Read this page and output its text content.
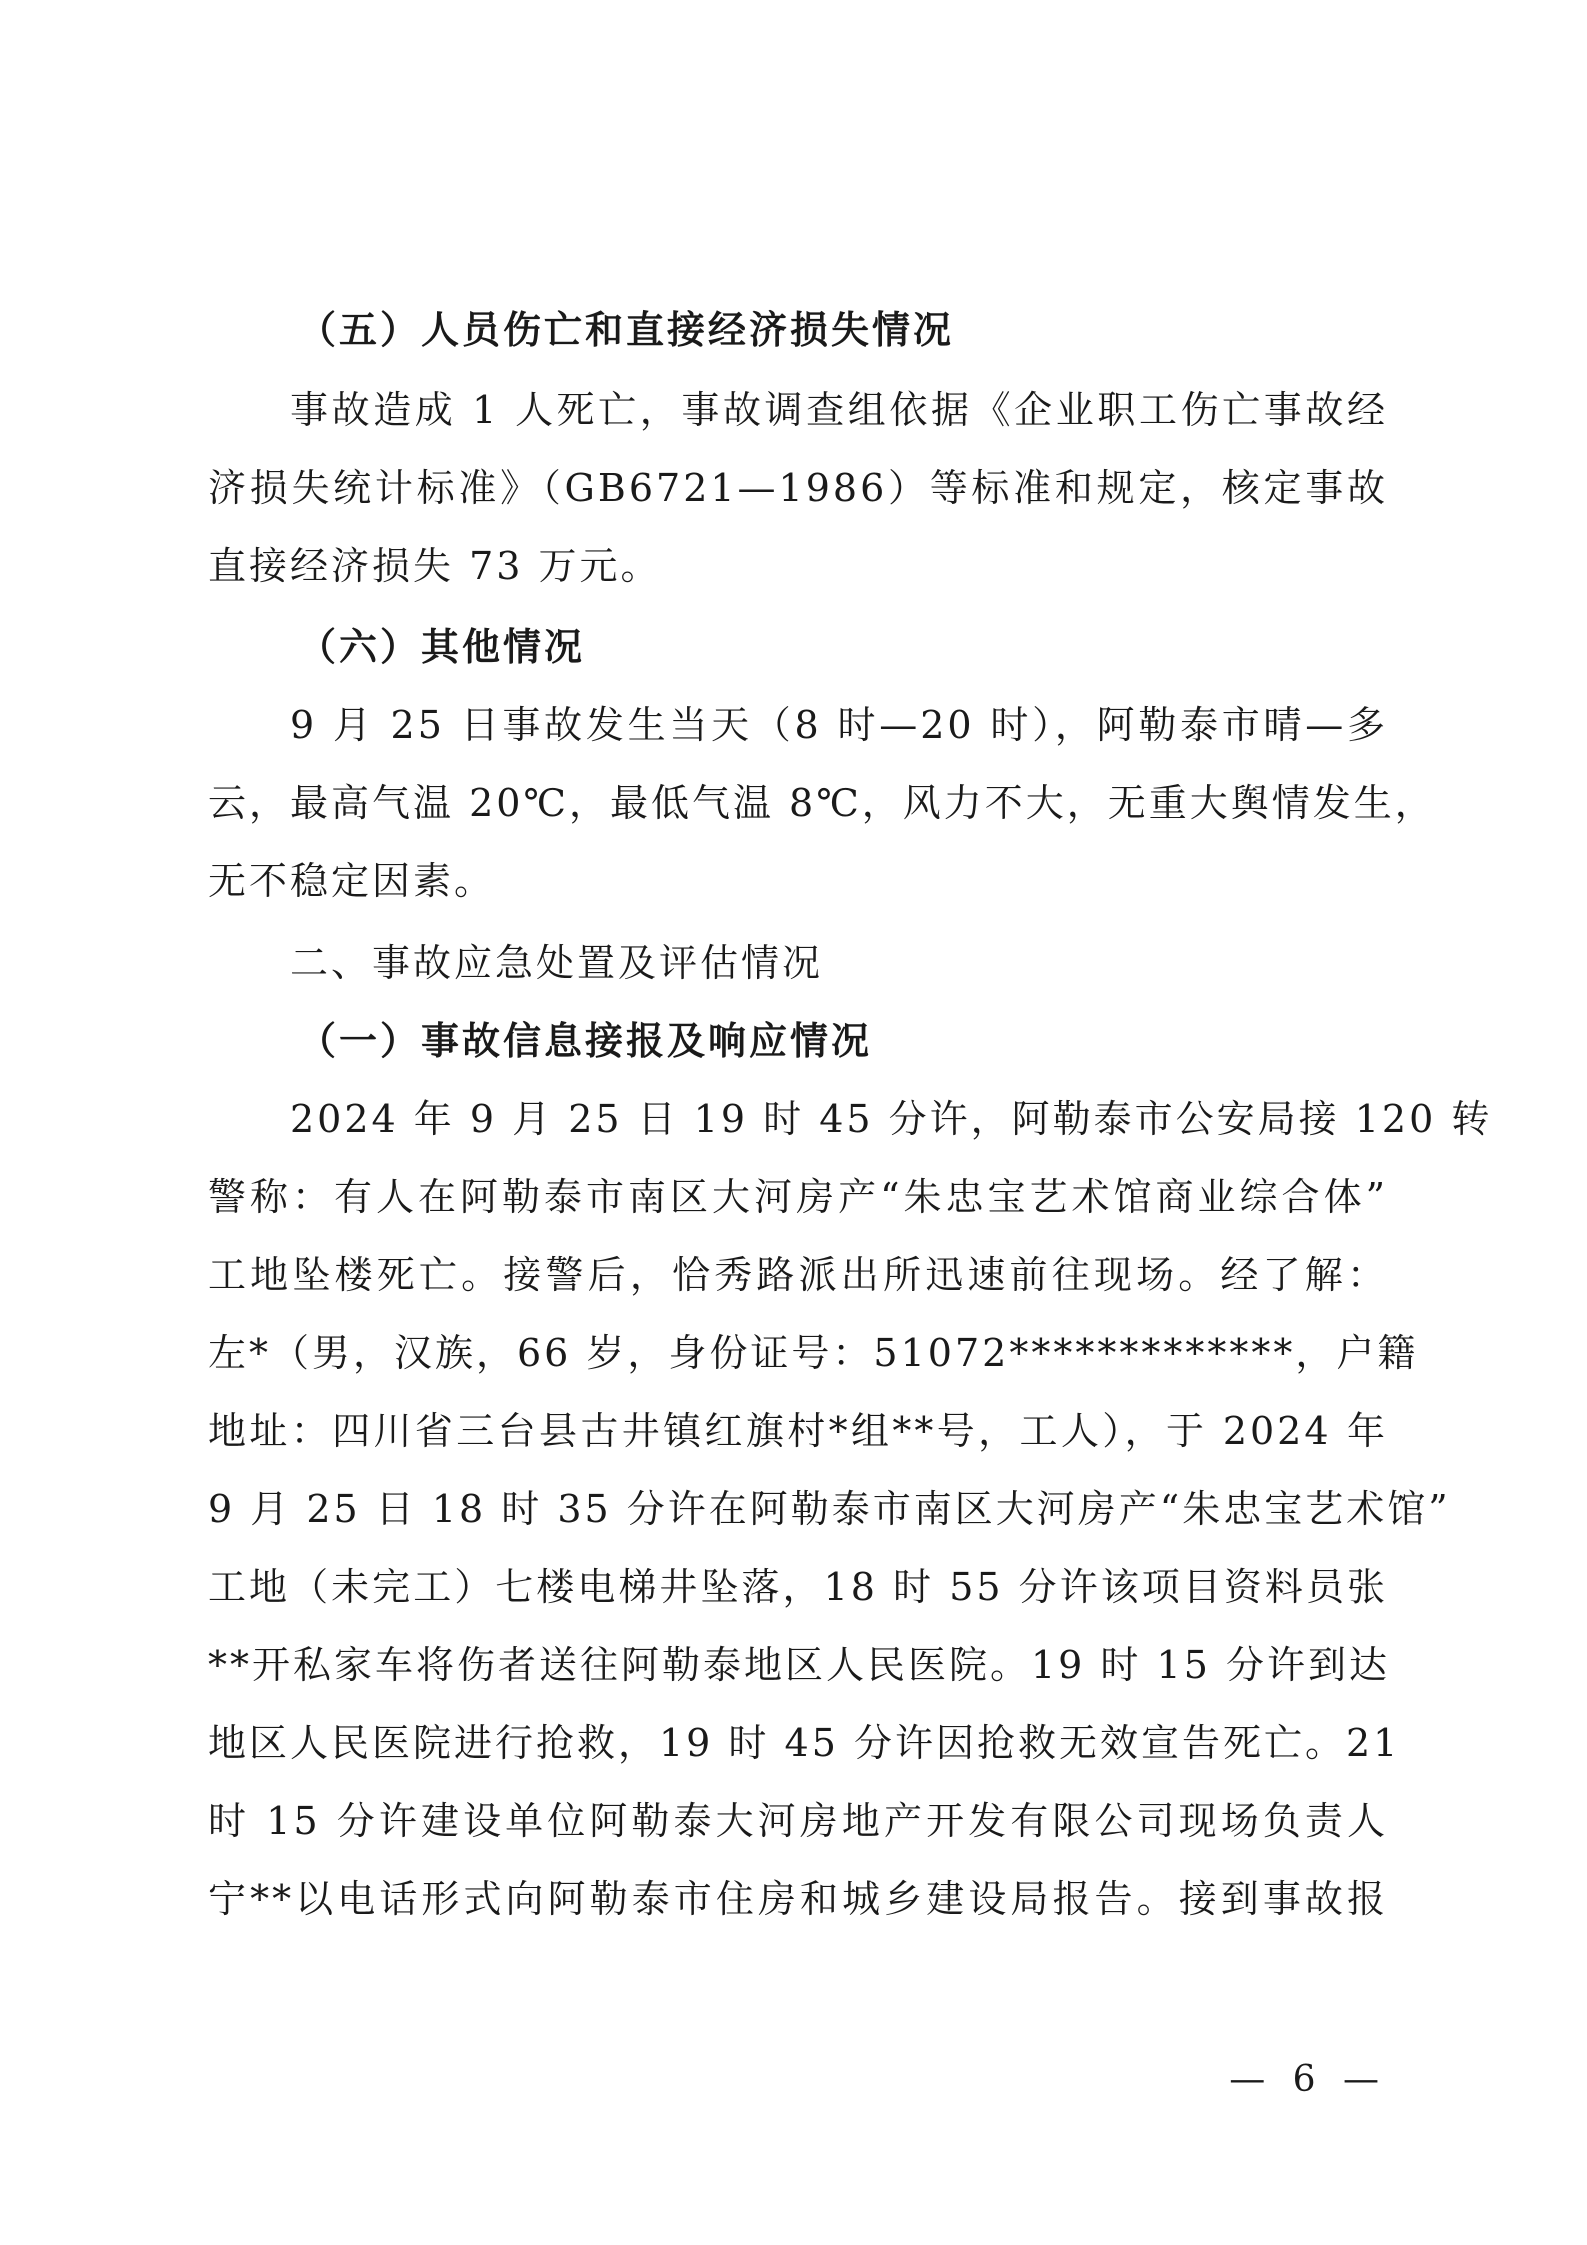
（五）人员伤亡和直接经济损失情况

事故造成 1 人死亡，事故调查组依据《企业职工伤亡事故经

济损失统计标准》（GB6721—1986）等标准和规定，核定事故

直接经济损失 73 万元。

（六）其他情况

9 月 25 日事故发生当天（8 时—20 时），阿勒泰市晴—多

云，最高气温 20℃，最低气温 8℃，风力不大，无重大舆情发生，

无不稳定因素。

二、事故应急处置及评估情况

（一）事故信息接报及响应情况

2024 年 9 月 25 日 19 时 45 分许，阿勒泰市公安局接 120 转

警称：有人在阿勒泰市南区大河房产“朱忠宝艺术馆商业综合体”

工地坠楼死亡。接警后，恰秀路派出所迅速前往现场。经了解：

左*（男，汉族，66 岁，身份证号：51072*************，户籍

地址：四川省三台县古井镇红旗村*组**号，工人），于 2024 年

9 月 25 日 18 时 35 分许在阿勒泰市南区大河房产“朱忠宝艺术馆”

工地（未完工）七楼电梯井坠落，18 时 55 分许该项目资料员张

**开私家车将伤者送往阿勒泰地区人民医院。19 时 15 分许到达

地区人民医院进行抢救，19 时 45 分许因抢救无效宣告死亡。21

时 15 分许建设单位阿勒泰大河房地产开发有限公司现场负责人

宁**以电话形式向阿勒泰市住房和城乡建设局报告。接到事故报

— 6 —
